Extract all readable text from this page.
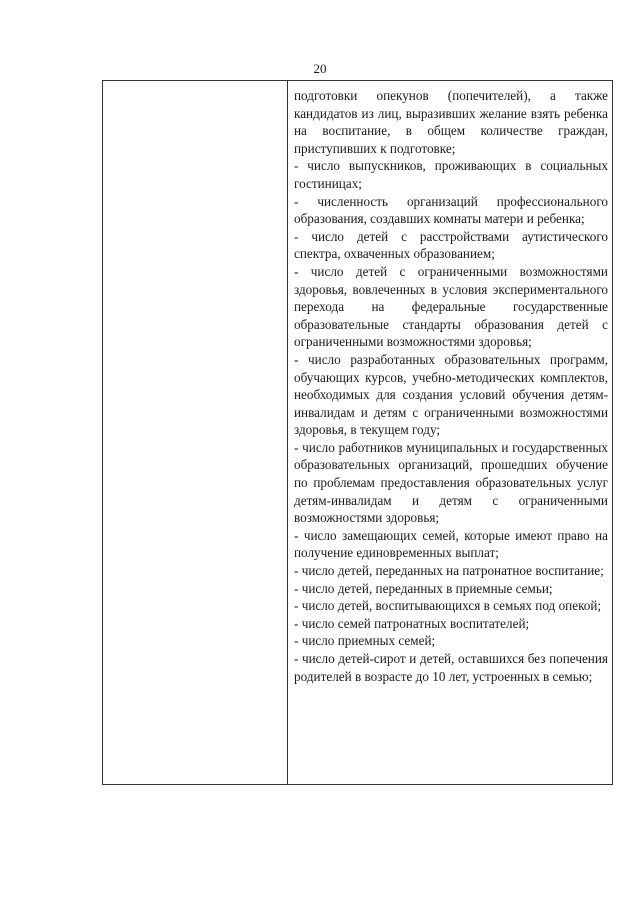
20

подготовки опекунов (попечителей), а также кандидатов из лиц, выразивших желание взять ребенка на воспитание, в общем количестве граждан, приступивших к подготовке;

- число выпускников, проживающих в социальных гостиницах;

- численность организаций профессионального образования, создавших комнаты матери и ребенка;

- число детей с расстройствами аутистического спектра, охваченных образованием;

- число детей с ограниченными возможностями здоровья, вовлеченных в условия экспериментального перехода на федеральные государственные образовательные стандарты образования детей с ограниченными возможностями здоровья;

- число разработанных образовательных программ, обучающих курсов, учебно-методических комплектов, необходимых для создания условий обучения детям-инвалидам и детям с ограниченными возможностями здоровья, в текущем году;

- число работников муниципальных и государственных образовательных организаций, прошедших обучение по проблемам предоставления образовательных услуг детям-инвалидам и детям с ограниченными возможностями здоровья;

- число замещающих семей, которые имеют право на получение единовременных выплат;

- число детей, переданных на патронатное воспитание;

- число детей, переданных в приемные семьи;

- число детей, воспитывающихся в семьях под опекой;

- число семей патронатных воспитателей;

- число приемных семей;

- число детей-сирот и детей, оставшихся без попечения родителей в возрасте до 10 лет, устроенных в семью;
